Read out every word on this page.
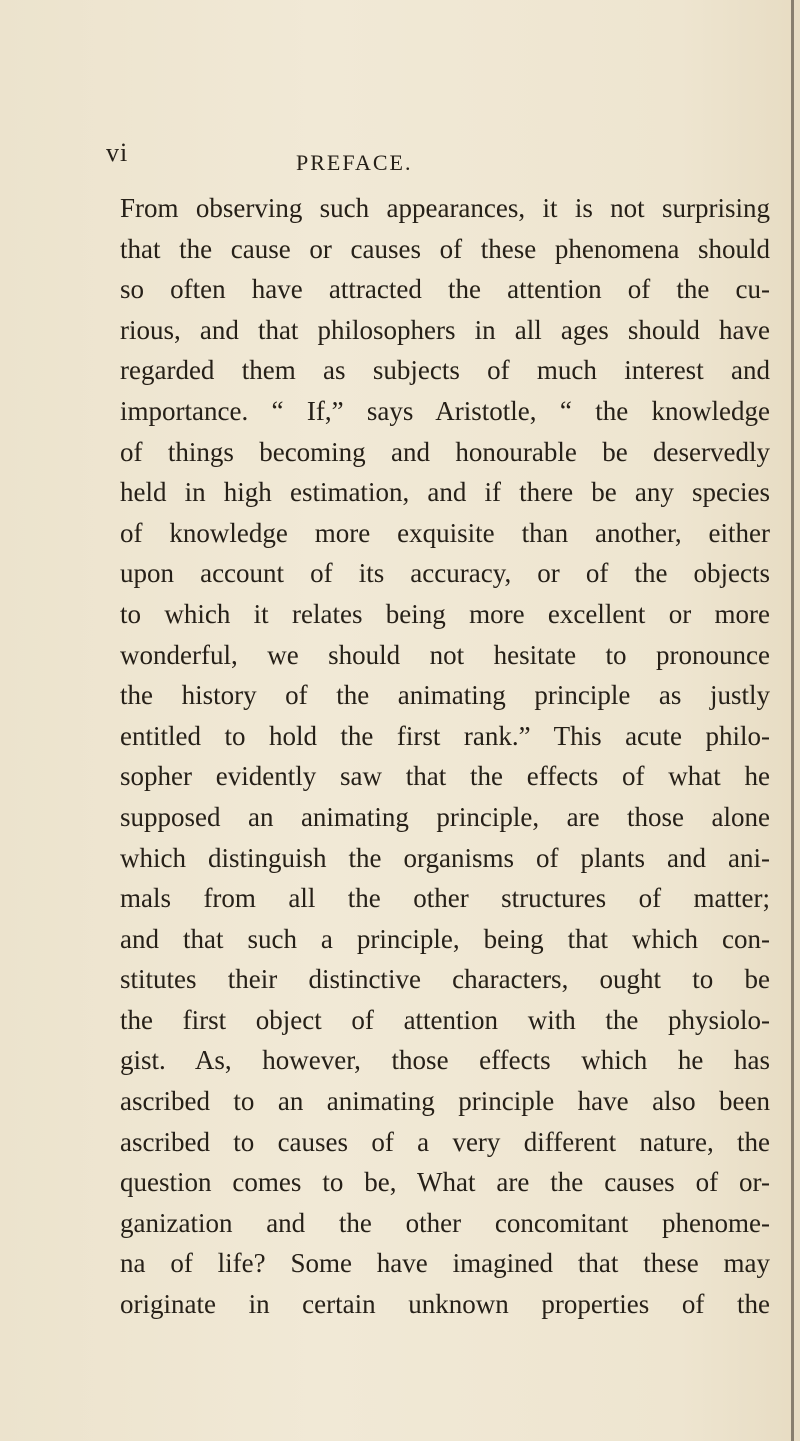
vi	PREFACE.
From observing such appearances, it is not surprising
that the cause or causes of these phenomena should
so often have attracted the attention of the cu-
rious, and that philosophers in all ages should have
regarded them as subjects of much interest and
importance. “ If,” says Aristotle, “ the knowledge
of things becoming and honourable be deservedly
held in high estimation, and if there be any species
of knowledge more exquisite than another, either
upon account of its accuracy, or of the objects
to which it relates being more excellent or more
wonderful, we should not hesitate to pronounce
the history of the animating principle as justly
entitled to hold the first rank.” This acute philo-
sopher evidently saw that the effects of what he
supposed an animating principle, are those alone
which distinguish the organisms of plants and ani-
mals from all the other structures of matter;
and that such a principle, being that which con-
stitutes their distinctive characters, ought to be
the first object of attention with the physiolo-
gist. As, however, those effects which he has
ascribed to an animating principle have also been
ascribed to causes of a very different nature, the
question comes to be, What are the causes of or-
ganization and the other concomitant phenome-
na of life? Some have imagined that these may
originate in certain unknown properties of the
